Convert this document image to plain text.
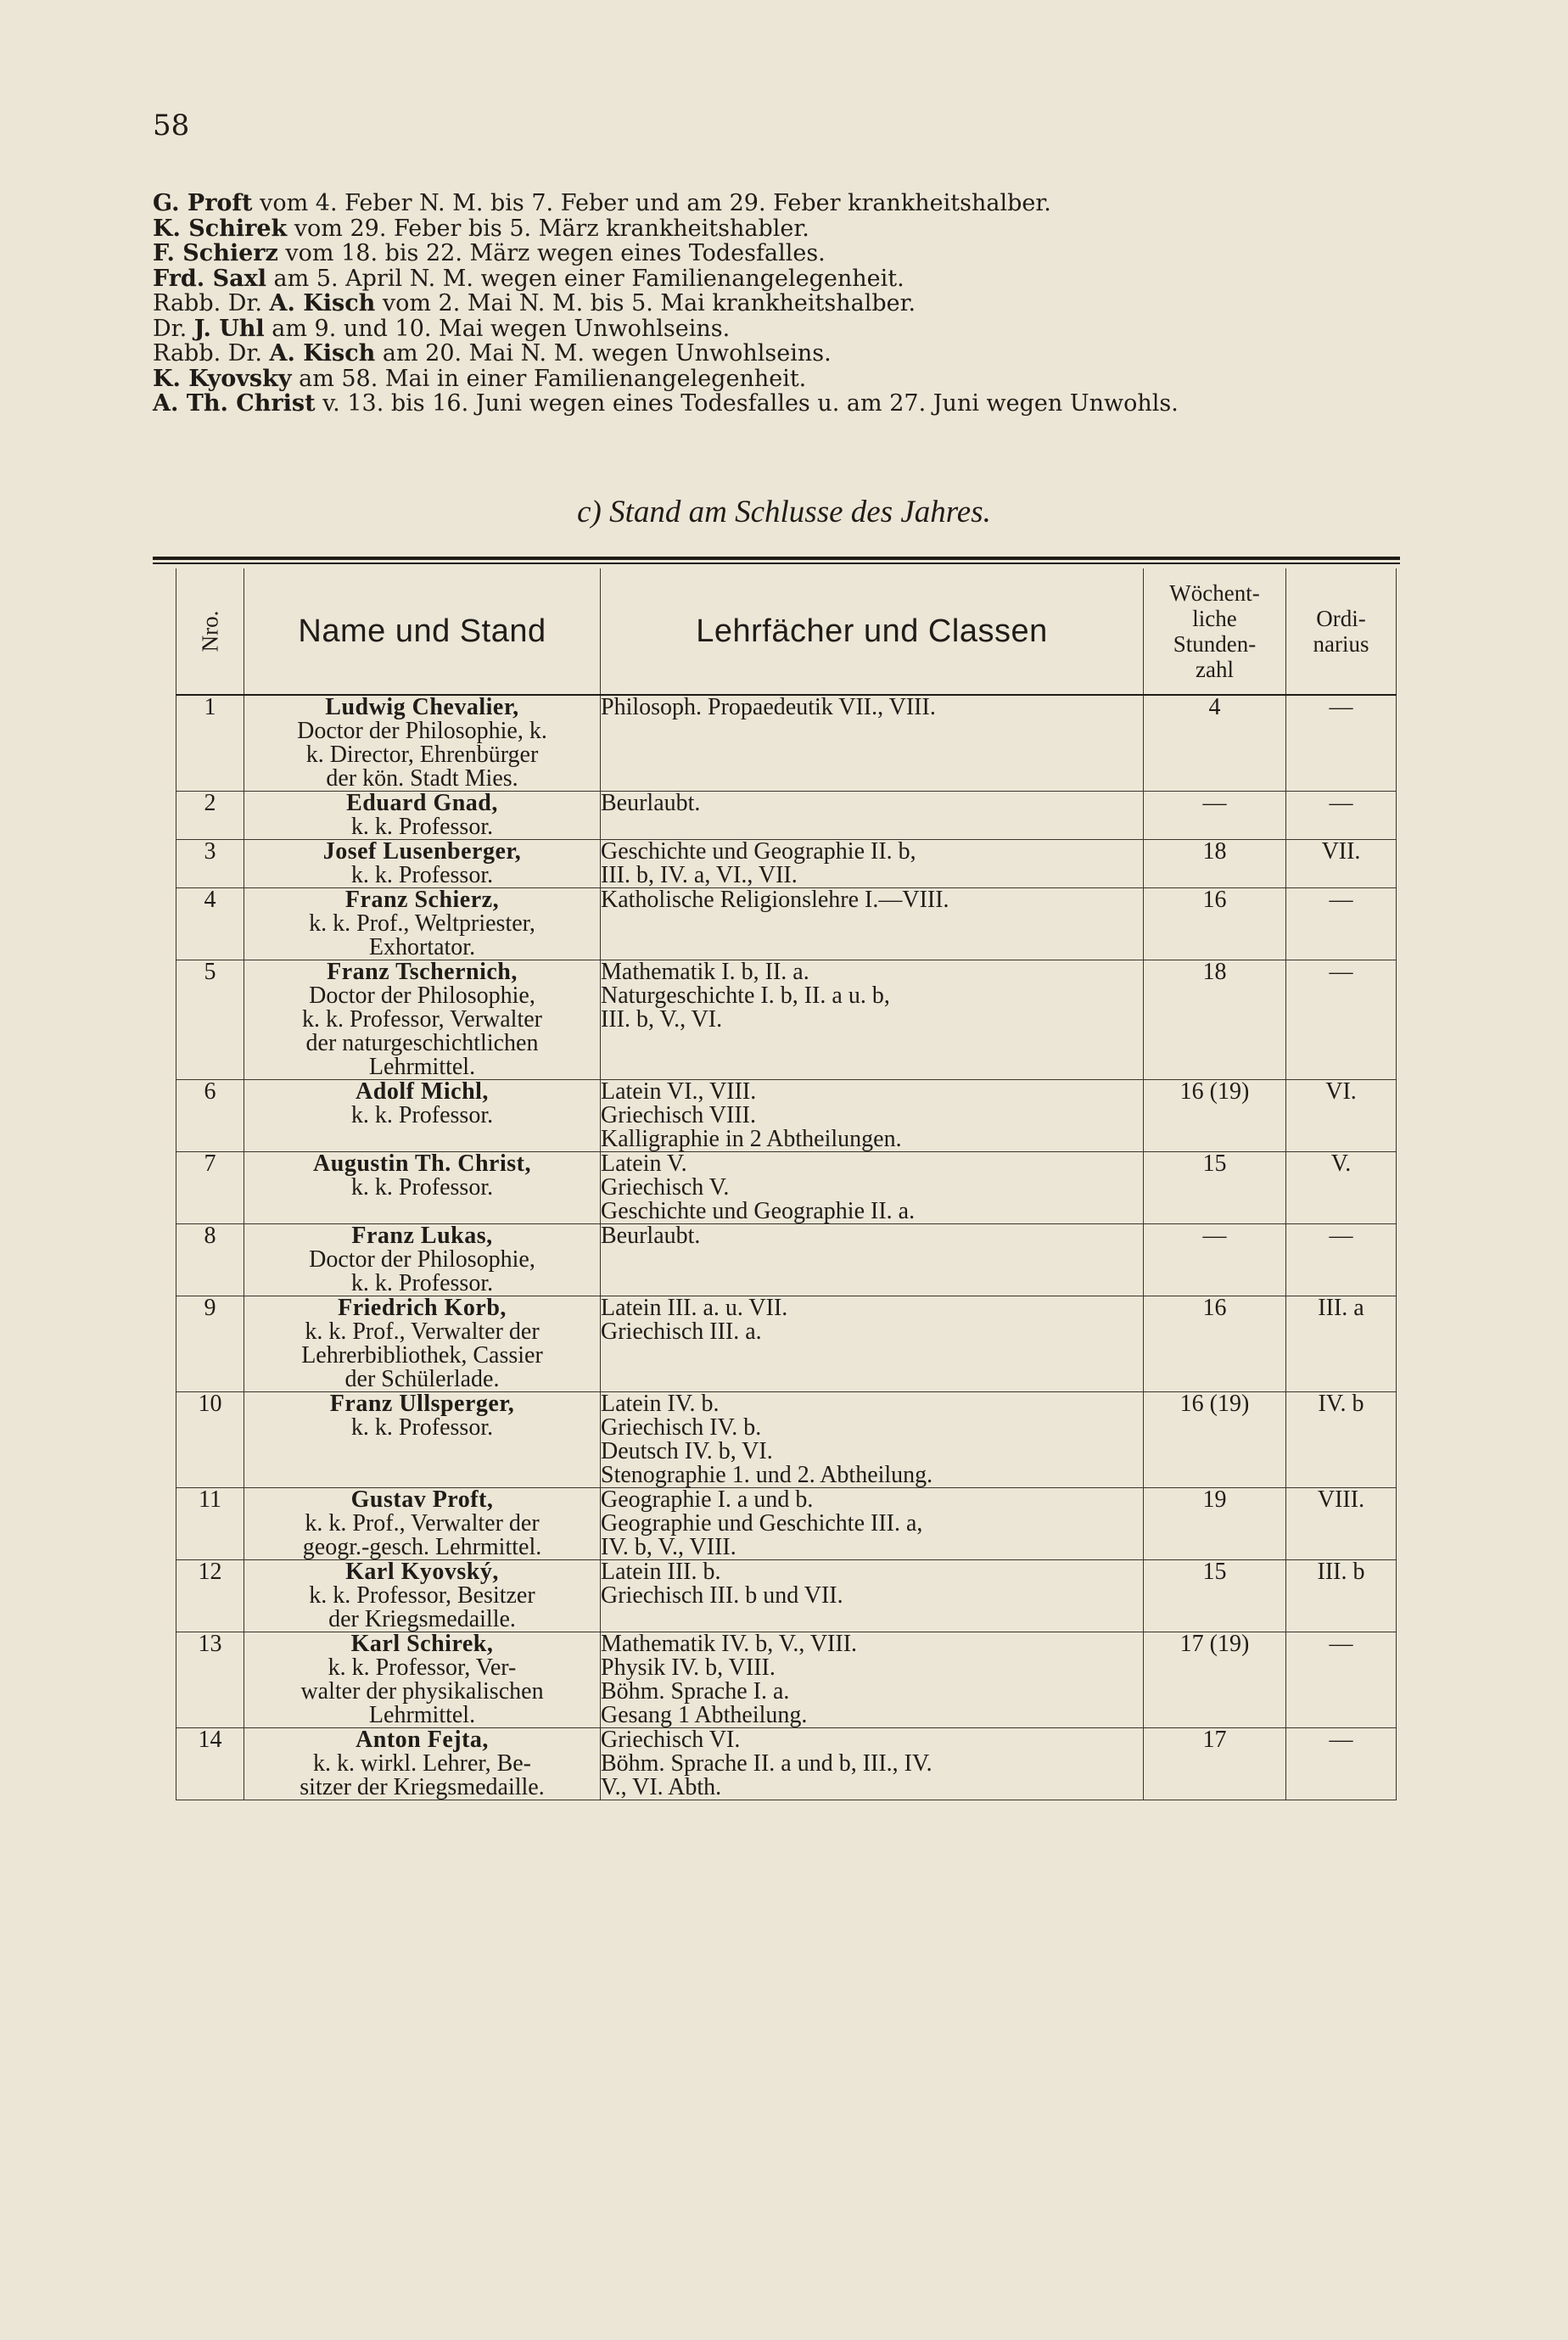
58
G. Proft vom 4. Feber N. M. bis 7. Feber und am 29. Feber krankheitshalber.
K. Schirek vom 29. Feber bis 5. März krankheitshabler.
F. Schierz vom 18. bis 22. März wegen eines Todesfalles.
Frd. Saxl am 5. April N. M. wegen einer Familienangelegenheit.
Rabb. Dr. A. Kisch vom 2. Mai N. M. bis 5. Mai krankheitshalber.
Dr. J. Uhl am 9. und 10. Mai wegen Unwohlseins.
Rabb. Dr. A. Kisch am 20. Mai N. M. wegen Unwohlseins.
K. Kyovsky am 58. Mai in einer Familienangelegenheit.
A. Th. Christ v. 13. bis 16. Juni wegen eines Todesfalles u. am 27. Juni wegen Unwohls.
c) Stand am Schlusse des Jahres.
Nro.	Name und Stand	Lehrfächer und Classen	Wöchent-
liche
Stunden-
zahl	Ordi-
narius
1	Ludwig Chevalier,
Doctor der Philosophie, k.
k. Director, Ehrenbürger
der kön. Stadt Mies.	Philosoph. Propaedeutik VII., VIII.	4	—
2	Eduard Gnad,
k. k. Professor.	Beurlaubt.	—	—
3	Josef Lusenberger,
k. k. Professor.	Geschichte und Geographie II. b,
III. b, IV. a, VI., VII.	18	VII.
4	Franz Schierz,
k. k. Prof., Weltpriester,
Exhortator.	Katholische Religionslehre I.—VIII.	16	—
5	Franz Tschernich,
Doctor der Philosophie,
k. k. Professor, Verwalter
der naturgeschichtlichen
Lehrmittel.	Mathematik I. b, II. a.
Naturgeschichte I. b, II. a u. b,
III. b, V., VI.	18	—
6	Adolf Michl,
k. k. Professor.	Latein VI., VIII.
Griechisch VIII.
Kalligraphie in 2 Abtheilungen.	16 (19)	VI.
7	Augustin Th. Christ,
k. k. Professor.	Latein V.
Griechisch V.
Geschichte und Geographie II. a.	15	V.
8	Franz Lukas,
Doctor der Philosophie,
k. k. Professor.	Beurlaubt.	—	—
9	Friedrich Korb,
k. k. Prof., Verwalter der
Lehrerbibliothek, Cassier
der Schülerlade.	Latein III. a. u. VII.
Griechisch III. a.	16	III. a
10	Franz Ullsperger,
k. k. Professor.	Latein IV. b.
Griechisch IV. b.
Deutsch IV. b, VI.
Stenographie 1. und 2. Abtheilung.	16 (19)	IV. b
11	Gustav Proft,
k. k. Prof., Verwalter der
geogr.-gesch. Lehrmittel.	Geographie I. a und b.
Geographie und Geschichte III. a,
IV. b, V., VIII.	19	VIII.
12	Karl Kyovský,
k. k. Professor, Besitzer
der Kriegsmedaille.	Latein III. b.
Griechisch III. b und VII.	15	III. b
13	Karl Schirek,
k. k. Professor, Ver-
walter der physikalischen
Lehrmittel.	Mathematik IV. b, V., VIII.
Physik IV. b, VIII.
Böhm. Sprache I. a.
Gesang 1 Abtheilung.	17 (19)	—
14	Anton Fejta,
k. k. wirkl. Lehrer, Be-
sitzer der Kriegsmedaille.	Griechisch VI.
Böhm. Sprache II. a und b, III., IV.
V., VI. Abth.	17	—
